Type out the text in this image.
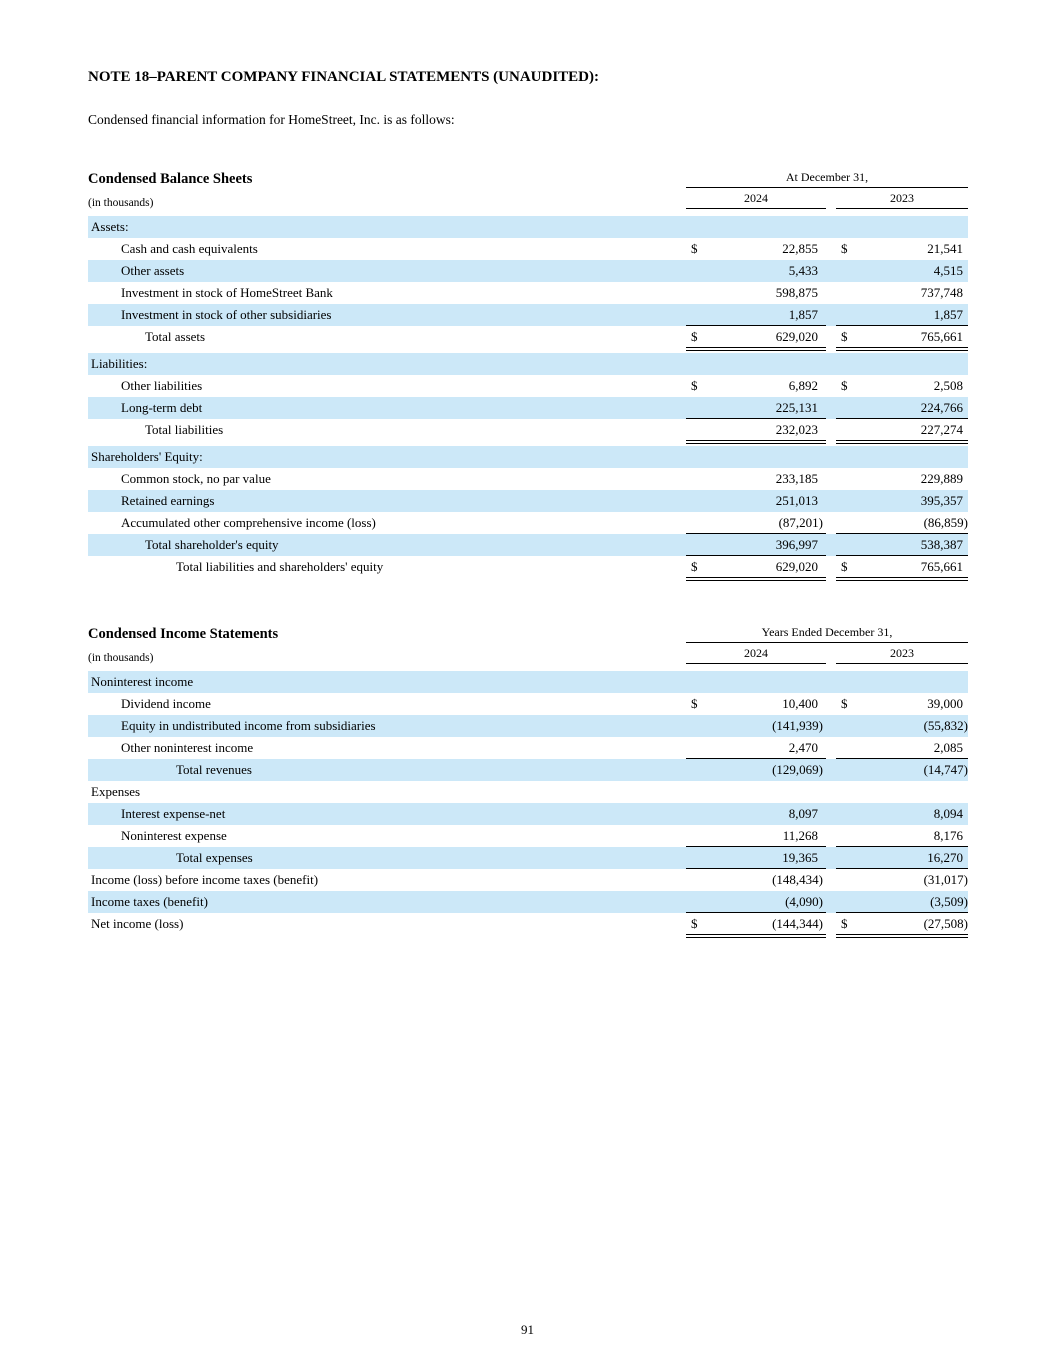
NOTE 18–PARENT COMPANY FINANCIAL STATEMENTS (UNAUDITED):
Condensed financial information for HomeStreet, Inc. is as follows:
Condensed Balance Sheets	At December 31,
(in thousands)	2024	2023
Assets:
Cash and cash equivalents	$	22,855	$	21,541
Other assets	5,433	4,515
Investment in stock of HomeStreet Bank	598,875	737,748
Investment in stock of other subsidiaries	1,857	1,857
Total assets	$	629,020	$	765,661
Liabilities:
Other liabilities	$	6,892	$	2,508
Long-term debt	225,131	224,766
Total liabilities	232,023	227,274
Shareholders' Equity:
Common stock, no par value	233,185	229,889
Retained earnings	251,013	395,357
Accumulated other comprehensive income (loss)	(87,201)	(86,859)
Total shareholder's equity	396,997	538,387
Total liabilities and shareholders' equity	$	629,020	$	765,661
Condensed Income Statements	Years Ended December 31,
(in thousands)	2024	2023
Noninterest income
Dividend income	$	10,400	$	39,000
Equity in undistributed income from subsidiaries	(141,939)	(55,832)
Other noninterest income	2,470	2,085
Total revenues	(129,069)	(14,747)
Expenses
Interest expense-net	8,097	8,094
Noninterest expense	11,268	8,176
Total expenses	19,365	16,270
Income (loss) before income taxes (benefit)	(148,434)	(31,017)
Income taxes (benefit)	(4,090)	(3,509)
Net income (loss)	$	(144,344) $	(27,508)
91
